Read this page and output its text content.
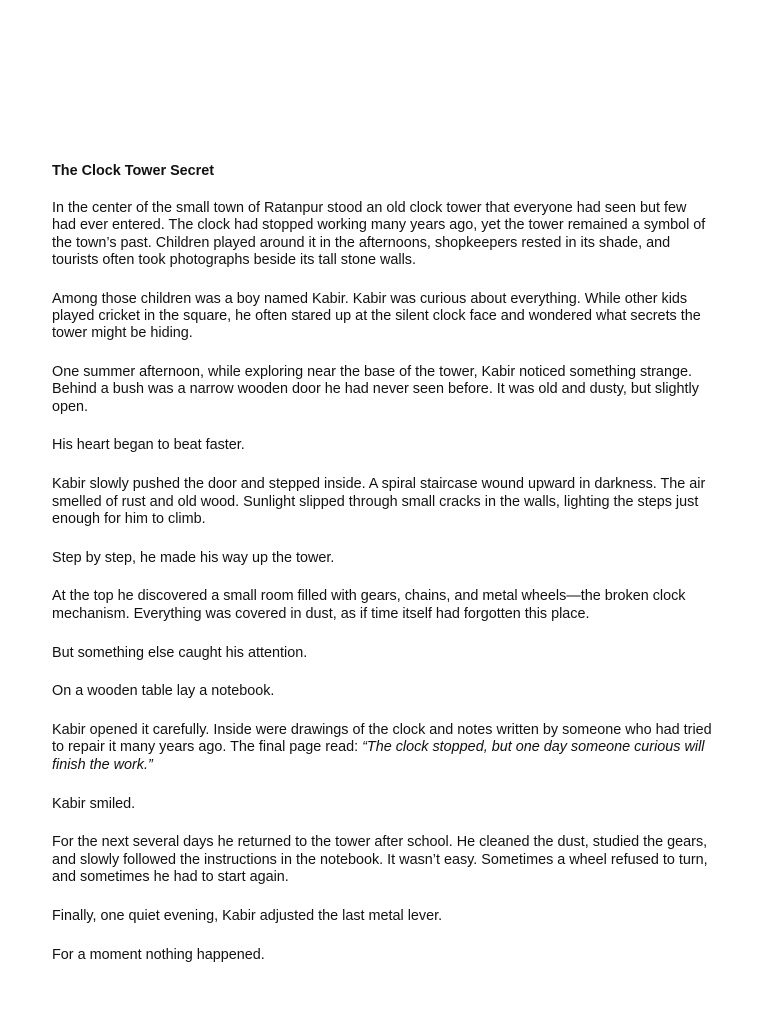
The Clock Tower Secret

In the center of the small town of Ratanpur stood an old clock tower that everyone had seen but few had ever entered. The clock had stopped working many years ago, yet the tower remained a symbol of the town’s past. Children played around it in the afternoons, shopkeepers rested in its shade, and tourists often took photographs beside its tall stone walls.

Among those children was a boy named Kabir. Kabir was curious about everything. While other kids played cricket in the square, he often stared up at the silent clock face and wondered what secrets the tower might be hiding.

One summer afternoon, while exploring near the base of the tower, Kabir noticed something strange. Behind a bush was a narrow wooden door he had never seen before. It was old and dusty, but slightly open.

His heart began to beat faster.

Kabir slowly pushed the door and stepped inside. A spiral staircase wound upward in darkness. The air smelled of rust and old wood. Sunlight slipped through small cracks in the walls, lighting the steps just enough for him to climb.

Step by step, he made his way up the tower.

At the top he discovered a small room filled with gears, chains, and metal wheels—the broken clock mechanism. Everything was covered in dust, as if time itself had forgotten this place.

But something else caught his attention.

On a wooden table lay a notebook.

Kabir opened it carefully. Inside were drawings of the clock and notes written by someone who had tried to repair it many years ago. The final page read: “The clock stopped, but one day someone curious will finish the work.”

Kabir smiled.

For the next several days he returned to the tower after school. He cleaned the dust, studied the gears, and slowly followed the instructions in the notebook. It wasn’t easy. Sometimes a wheel refused to turn, and sometimes he had to start again.

Finally, one quiet evening, Kabir adjusted the last metal lever.

For a moment nothing happened.
